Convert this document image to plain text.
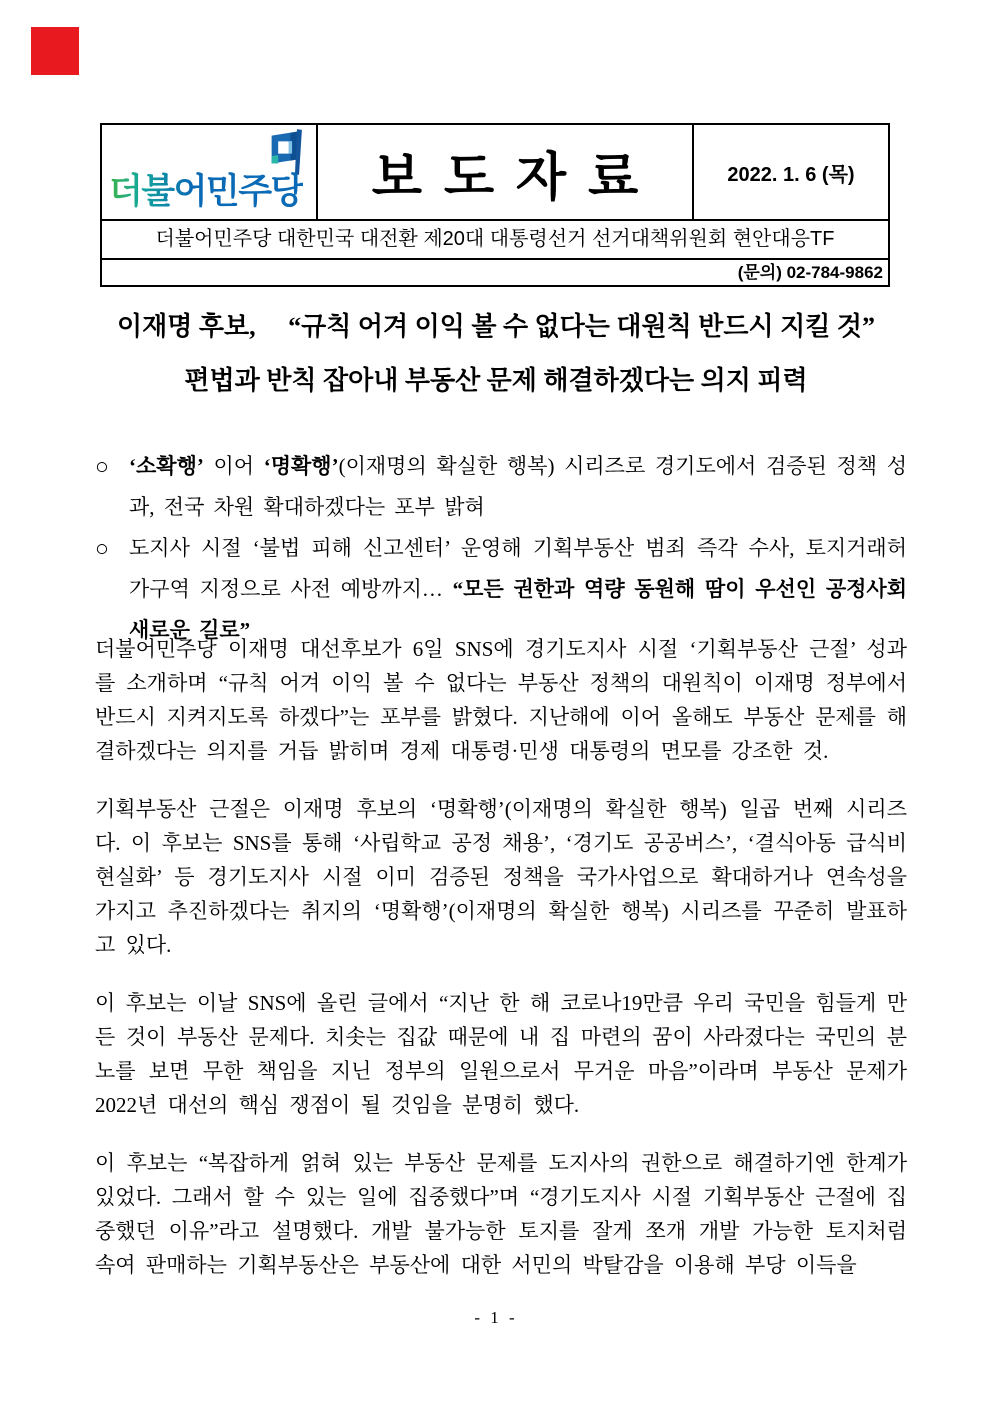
더불어민주당	보도자료	2022. 1. 6 (목)
더불어민주당 대한민국 대전환 제20대 대통령선거 선거대책위원회 현안대응TF
(문의) 02-784-9862
이재명 후보, 　“규칙 어겨 이익 볼 수 없다는 대원칙 반드시 지킬 것”
편법과 반칙 잡아내 부동산 문제 해결하겠다는 의지 피력
○ ‘소확행’ 이어 ‘명확행’(이재명의 확실한 행복) 시리즈로 경기도에서 검증된 정책 성과, 전국 차원 확대하겠다는 포부 밝혀
○ 도지사 시절 ‘불법 피해 신고센터’ 운영해 기획부동산 범죄 즉각 수사, 토지거래허가구역 지정으로 사전 예방까지… “모든 권한과 역량 동원해 땀이 우선인 공정사회 새로운 길로”

더불어민주당 이재명 대선후보가 6일 SNS에 경기도지사 시절 ‘기획부동산 근절’ 성과를 소개하며 “규칙 어겨 이익 볼 수 없다는 부동산 정책의 대원칙이 이재명 정부에서 반드시 지켜지도록 하겠다”는 포부를 밝혔다. 지난해에 이어 올해도 부동산 문제를 해결하겠다는 의지를 거듭 밝히며 경제 대통령·민생 대통령의 면모를 강조한 것.

기획부동산 근절은 이재명 후보의 ‘명확행’(이재명의 확실한 행복) 일곱 번째 시리즈다. 이 후보는 SNS를 통해 ‘사립학교 공정 채용’, ‘경기도 공공버스’, ‘결식아동 급식비 현실화’ 등 경기도지사 시절 이미 검증된 정책을 국가사업으로 확대하거나 연속성을 가지고 추진하겠다는 취지의 ‘명확행’(이재명의 확실한 행복) 시리즈를 꾸준히 발표하고 있다.

이 후보는 이날 SNS에 올린 글에서 “지난 한 해 코로나19만큼 우리 국민을 힘들게 만든 것이 부동산 문제다. 치솟는 집값 때문에 내 집 마련의 꿈이 사라졌다는 국민의 분노를 보면 무한 책임을 지닌 정부의 일원으로서 무거운 마음”이라며 부동산 문제가 2022년 대선의 핵심 쟁점이 될 것임을 분명히 했다.

이 후보는 “복잡하게 얽혀 있는 부동산 문제를 도지사의 권한으로 해결하기엔 한계가 있었다. 그래서 할 수 있는 일에 집중했다”며 “경기도지사 시절 기획부동산 근절에 집중했던 이유”라고 설명했다. 개발 불가능한 토지를 잘게 쪼개 개발 가능한 토지처럼 속여 판매하는 기획부동산은 부동산에 대한 서민의 박탈감을 이용해 부당 이득을

- 1 -
